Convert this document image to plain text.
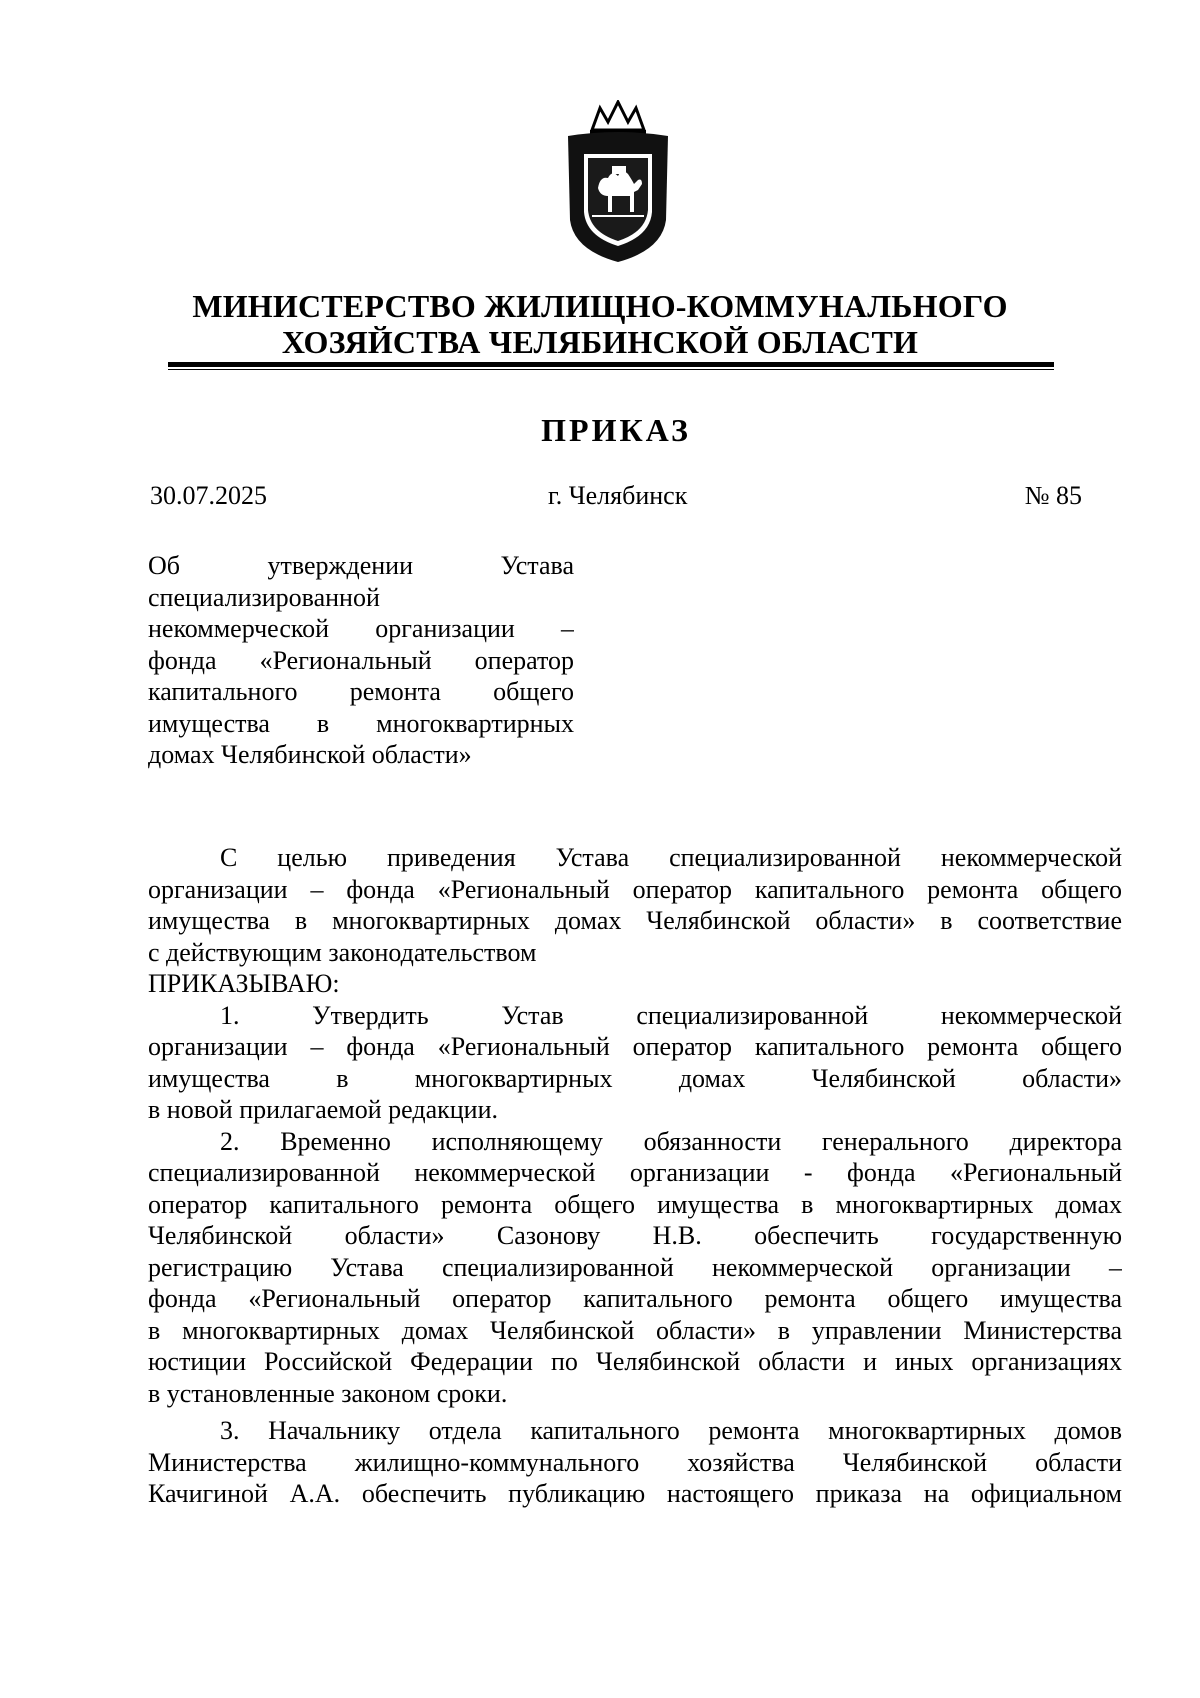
МИНИСТЕРСТВО ЖИЛИЩНО-КОММУНАЛЬНОГО
ХОЗЯЙСТВА ЧЕЛЯБИНСКОЙ ОБЛАСТИ
ПРИКАЗ
30.07.2025	г. Челябинск	№ 85
Об утверждении Устава
специализированной
некоммерческой организации –
фонда «Региональный оператор
капитального ремонта общего
имущества в многоквартирных
домах Челябинской области»
С целью приведения Устава специализированной некоммерческой
организации – фонда «Региональный оператор капитального ремонта общего
имущества в многоквартирных домах Челябинской области» в соответствие
с действующим законодательством
ПРИКАЗЫВАЮ:
1. Утвердить Устав специализированной некоммерческой
организации – фонда «Региональный оператор капитального ремонта общего
имущества в многоквартирных домах Челябинской области»
в новой прилагаемой редакции.
2. Временно исполняющему обязанности генерального директора
специализированной некоммерческой организации - фонда «Региональный
оператор капитального ремонта общего имущества в многоквартирных домах
Челябинской области» Сазонову Н.В. обеспечить государственную
регистрацию Устава специализированной некоммерческой организации –
фонда «Региональный оператор капитального ремонта общего имущества
в многоквартирных домах Челябинской области» в управлении Министерства
юстиции Российской Федерации по Челябинской области и иных организациях
в установленные законом сроки.
3. Начальнику отдела капитального ремонта многоквартирных домов
Министерства жилищно-коммунального хозяйства Челябинской области
Качигиной А.А. обеспечить публикацию настоящего приказа на официальном
